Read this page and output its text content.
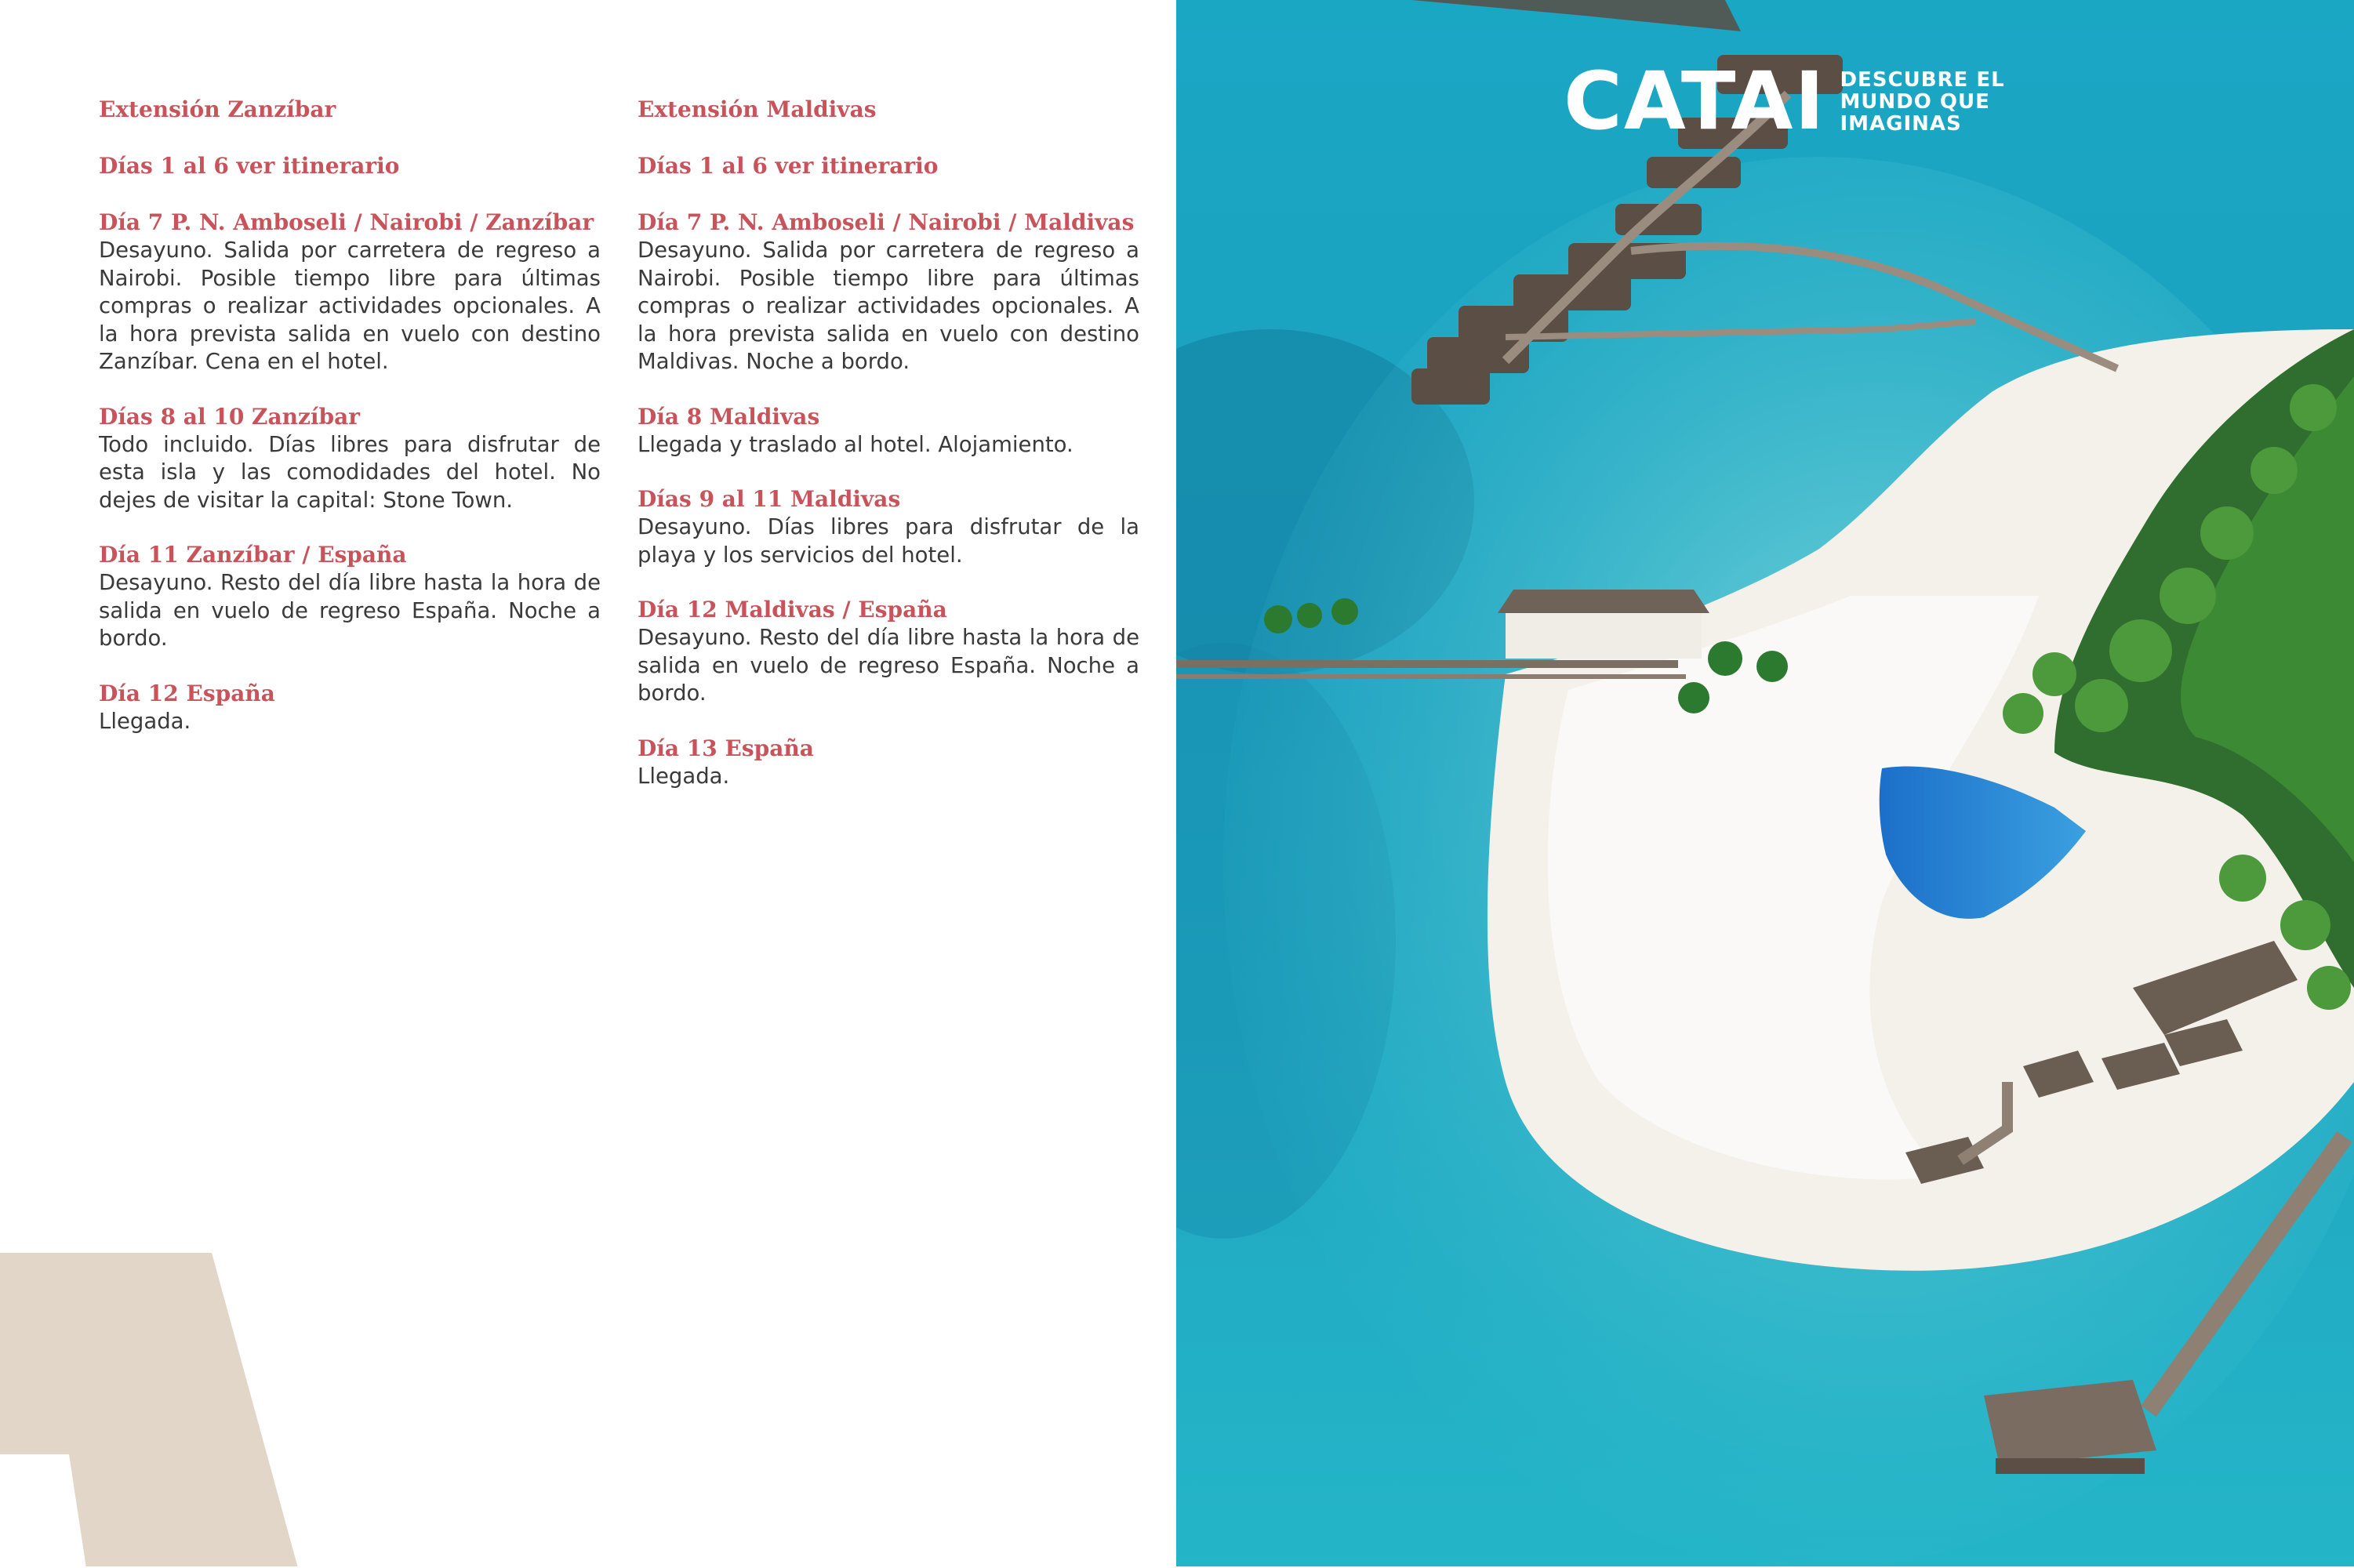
Extensión Zanzíbar

Días 1 al 6 ver itinerario

Día 7 P. N. Amboseli / Nairobi / Zanzíbar

Desayuno. Salida por carretera de regreso a Nairobi. Posible tiempo libre para últimas compras o realizar actividades opcionales. A la hora prevista salida en vuelo con destino Zanzíbar. Cena en el hotel.

Días 8 al 10 Zanzíbar

Todo incluido. Días libres para disfrutar de esta isla y las comodidades del hotel. No dejes de visitar la capital: Stone Town.

Día 11 Zanzíbar / España

Desayuno. Resto del día libre hasta la hora de salida en vuelo de regreso España. Noche a bordo.

Día 12 España

Llegada.

Extensión Maldivas

Días 1 al 6 ver itinerario

Día 7 P. N. Amboseli / Nairobi / Maldivas

Desayuno. Salida por carretera de regreso a Nairobi. Posible tiempo libre para últimas compras o realizar actividades opcionales. A la hora prevista salida en vuelo con destino Maldivas. Noche a bordo.

Día 8 Maldivas

Llegada y traslado al hotel. Alojamiento.

Días 9 al 11 Maldivas

Desayuno. Días libres para disfrutar de la playa y los servicios del hotel.

Día 12 Maldivas / España

Desayuno. Resto del día libre hasta la hora de salida en vuelo de regreso España. Noche a bordo.

Día 13 España

Llegada.

CATAI DESCUBRE EL
MUNDO QUE
IMAGINAS
